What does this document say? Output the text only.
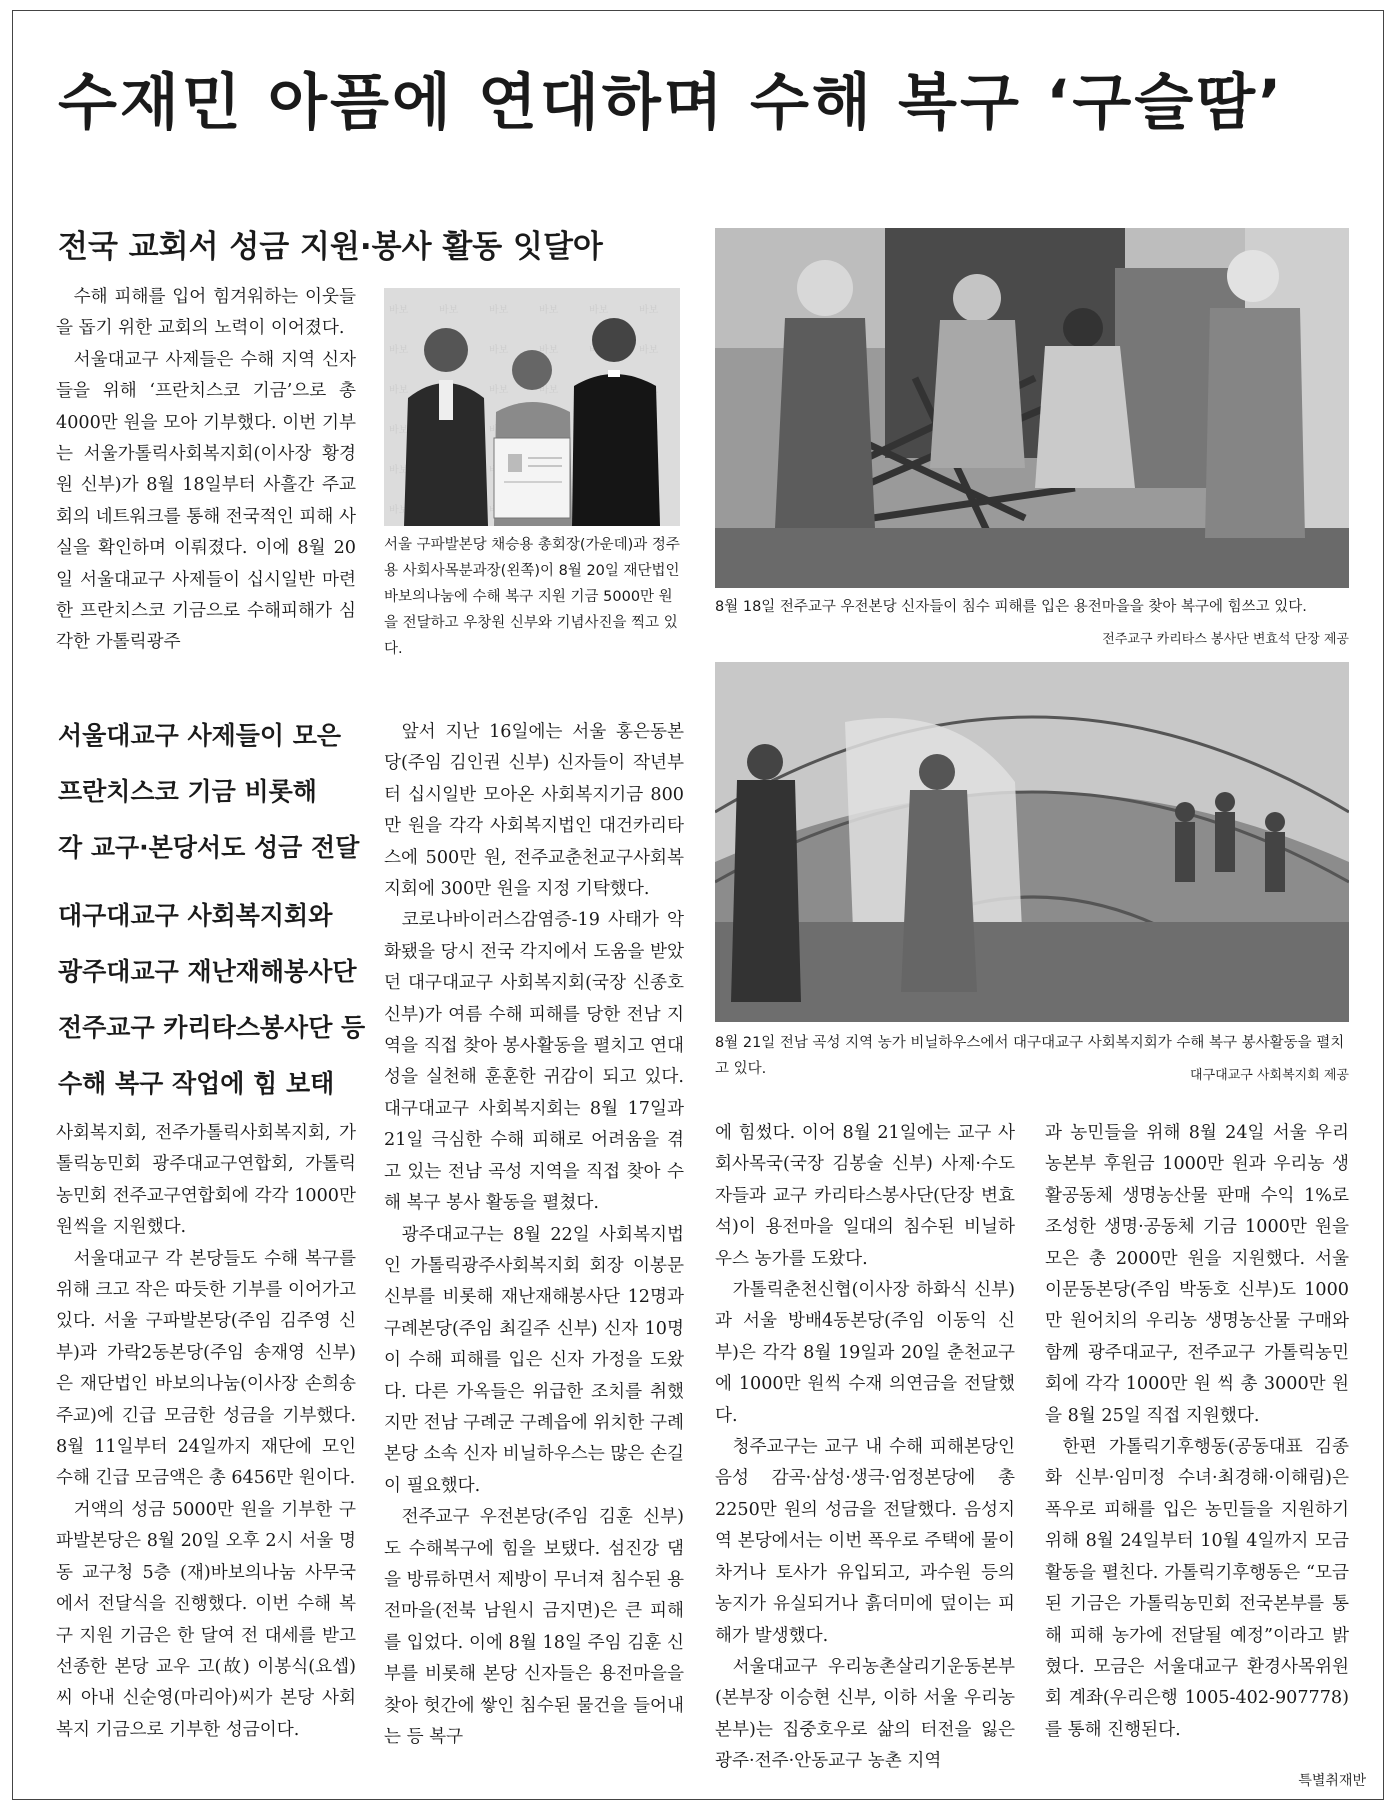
수재민 아픔에 연대하며 수해 복구 ‘구슬땀’
전국 교회서 성금 지원·봉사 활동 잇달아

수해 피해를 입어 힘겨워하는 이웃들을 돕기 위한 교회의 노력이 이어졌다.

서울대교구 사제들은 수해 지역 신자들을 위해 ‘프란치스코 기금’으로 총 4000만 원을 모아 기부했다. 이번 기부는 서울가톨릭사회복지회(이사장 황경원 신부)가 8월 18일부터 사흘간 주교회의 네트워크를 통해 전국적인 피해 사실을 확인하며 이뤄졌다. 이에 8월 20일 서울대교구 사제들이 십시일반 마련한 프란치스코 기금으로 수해피해가 심각한 가톨릭광주

서울대교구 사제들이 모은
프란치스코 기금 비롯해
각 교구·본당서도 성금 전달
대구대교구 사회복지회와
광주대교구 재난재해봉사단
전주교구 카리타스봉사단 등
수해 복구 작업에 힘 보태

사회복지회, 전주가톨릭사회복지회, 가톨릭농민회 광주대교구연합회, 가톨릭농민회 전주교구연합회에 각각 1000만 원씩을 지원했다.

서울대교구 각 본당들도 수해 복구를 위해 크고 작은 따듯한 기부를 이어가고 있다. 서울 구파발본당(주임 김주영 신부)과 가락2동본당(주임 송재영 신부)은 재단법인 바보의나눔(이사장 손희송 주교)에 긴급 모금한 성금을 기부했다. 8월 11일부터 24일까지 재단에 모인 수해 긴급 모금액은 총 6456만 원이다.

거액의 성금 5000만 원을 기부한 구파발본당은 8월 20일 오후 2시 서울 명동 교구청 5층 (재)바보의나눔 사무국에서 전달식을 진행했다. 이번 수해 복구 지원 기금은 한 달여 전 대세를 받고 선종한 본당 교우 고(故) 이봉식(요셉)씨 아내 신순영(마리아)씨가 본당 사회복지 기금으로 기부한 성금이다.

서울 구파발본당 채승용 총회장(가운데)과 정주용 사회사목분과장(왼쪽)이 8월 20일 재단법인 바보의나눔에 수해 복구 지원 기금 5000만 원을 전달하고 우창원 신부와 기념사진을 찍고 있다.
8월 18일 전주교구 우전본당 신자들이 침수 피해를 입은 용전마을을 찾아 복구에 힘쓰고 있다.
전주교구 카리타스 봉사단 변효석 단장 제공
8월 21일 전남 곡성 지역 농가 비닐하우스에서 대구대교구 사회복지회가 수해 복구 봉사활동을 펼치고 있다.	대구대교구 사회복지회 제공

앞서 지난 16일에는 서울 홍은동본당(주임 김인권 신부) 신자들이 작년부터 십시일반 모아온 사회복지기금 800만 원을 각각 사회복지법인 대건카리타스에 500만 원, 전주교춘천교구사회복지회에 300만 원을 지정 기탁했다.

코로나바이러스감염증-19 사태가 악화됐을 당시 전국 각지에서 도움을 받았던 대구대교구 사회복지회(국장 신종호 신부)가 여름 수해 피해를 당한 전남 지역을 직접 찾아 봉사활동을 펼치고 연대성을 실천해 훈훈한 귀감이 되고 있다. 대구대교구 사회복지회는 8월 17일과 21일 극심한 수해 피해로 어려움을 겪고 있는 전남 곡성 지역을 직접 찾아 수해 복구 봉사 활동을 펼쳤다.

광주대교구는 8월 22일 사회복지법인 가톨릭광주사회복지회 회장 이봉문 신부를 비롯해 재난재해봉사단 12명과 구례본당(주임 최길주 신부) 신자 10명이 수해 피해를 입은 신자 가정을 도왔다. 다른 가옥들은 위급한 조치를 취했지만 전남 구례군 구례읍에 위치한 구례본당 소속 신자 비닐하우스는 많은 손길이 필요했다.

전주교구 우전본당(주임 김훈 신부)도 수해복구에 힘을 보탰다. 섬진강 댐을 방류하면서 제방이 무너져 침수된 용전마을(전북 남원시 금지면)은 큰 피해를 입었다. 이에 8월 18일 주임 김훈 신부를 비롯해 본당 신자들은 용전마을을 찾아 헛간에 쌓인 침수된 물건을 들어내는 등 복구

에 힘썼다. 이어 8월 21일에는 교구 사회사목국(국장 김봉술 신부) 사제·수도자들과 교구 카리타스봉사단(단장 변효석)이 용전마을 일대의 침수된 비닐하우스 농가를 도왔다.

가톨릭춘천신협(이사장 하화식 신부)과 서울 방배4동본당(주임 이동익 신부)은 각각 8월 19일과 20일 춘천교구에 1000만 원씩 수재 의연금을 전달했다.

청주교구는 교구 내 수해 피해본당인 음성 감곡·삼성·생극·엄정본당에 총 2250만 원의 성금을 전달했다. 음성지역 본당에서는 이번 폭우로 주택에 물이 차거나 토사가 유입되고, 과수원 등의 농지가 유실되거나 흙더미에 덮이는 피해가 발생했다.

서울대교구 우리농촌살리기운동본부(본부장 이승현 신부, 이하 서울 우리농본부)는 집중호우로 삶의 터전을 잃은 광주·전주·안동교구 농촌 지역

과 농민들을 위해 8월 24일 서울 우리농본부 후원금 1000만 원과 우리농 생활공동체 생명농산물 판매 수익 1%로 조성한 생명·공동체 기금 1000만 원을 모은 총 2000만 원을 지원했다. 서울 이문동본당(주임 박동호 신부)도 1000만 원어치의 우리농 생명농산물 구매와 함께 광주대교구, 전주교구 가톨릭농민회에 각각 1000만 원 씩 총 3000만 원을 8월 25일 직접 지원했다.

한편 가톨릭기후행동(공동대표 김종화 신부·임미정 수녀·최경해·이해림)은 폭우로 피해를 입은 농민들을 지원하기 위해 8월 24일부터 10월 4일까지 모금 활동을 펼친다. 가톨릭기후행동은 “모금된 기금은 가톨릭농민회 전국본부를 통해 피해 농가에 전달될 예정”이라고 밝혔다. 모금은 서울대교구 환경사목위원회 계좌(우리은행 1005-402-907778)를 통해 진행된다.

특별취재반
